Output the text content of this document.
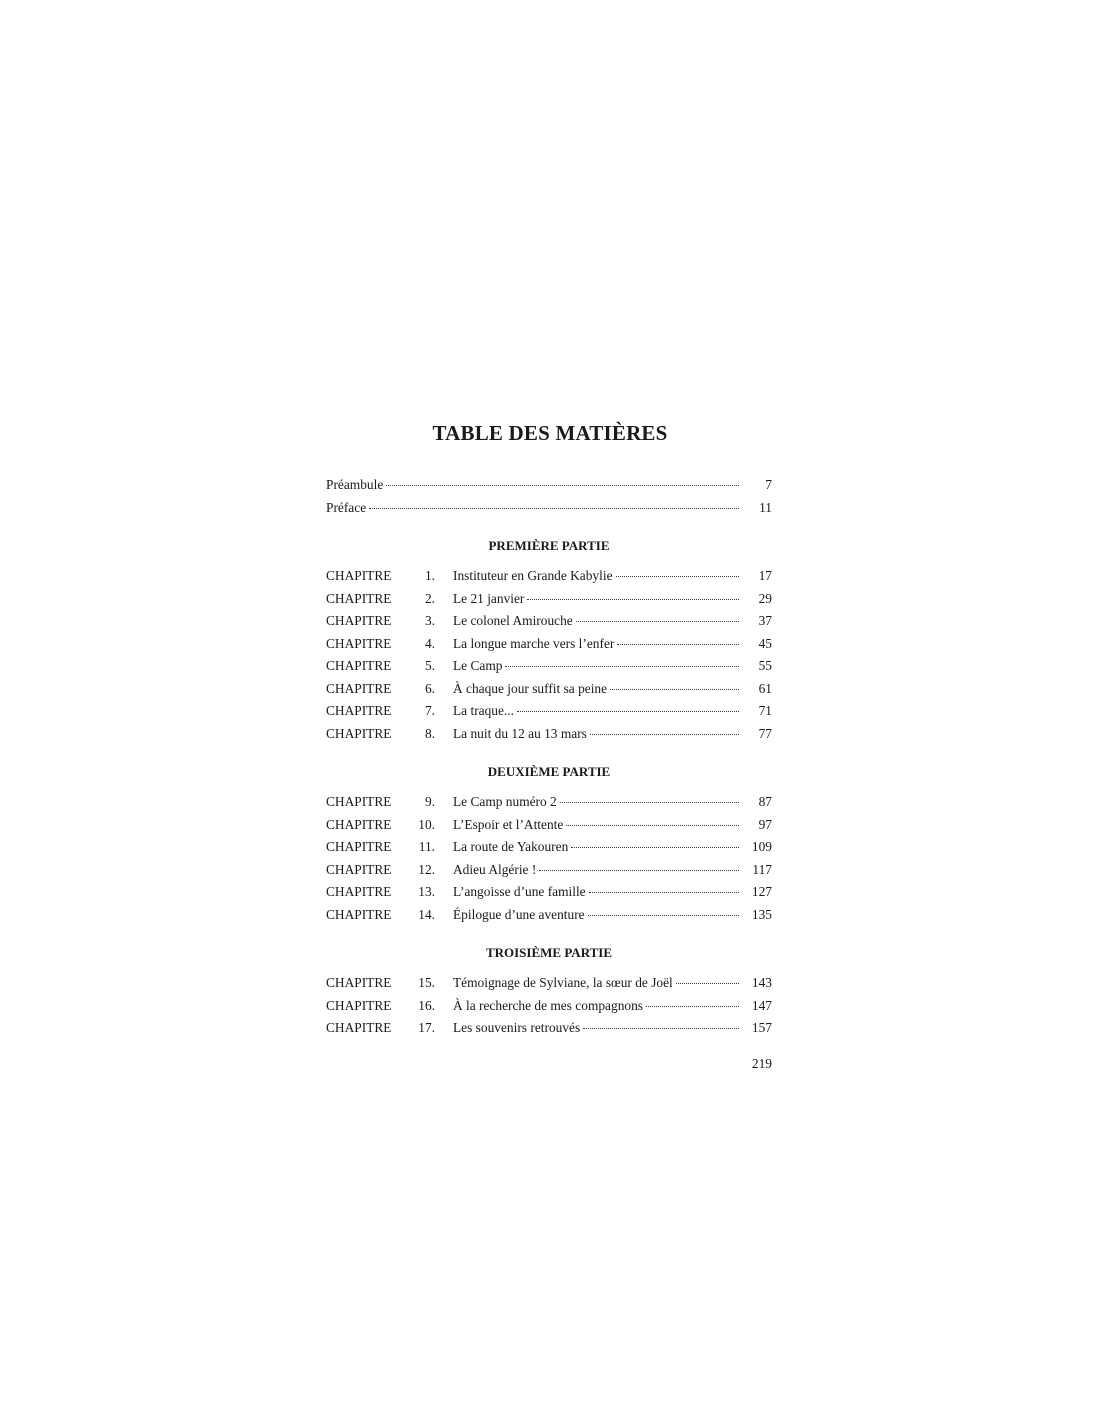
TABLE DES MATIÈRES
Préambule	7
Préface	11
PREMIÈRE PARTIE
CHAPITRE	1. Instituteur en Grande Kabylie	17
CHAPITRE	2. Le 21 janvier	29
CHAPITRE	3. Le colonel Amirouche	37
CHAPITRE	4. La longue marche vers l’enfer	45
CHAPITRE	5. Le Camp	55
CHAPITRE	6. À chaque jour suffit sa peine	61
CHAPITRE	7. La traque...	71
CHAPITRE	8. La nuit du 12 au 13 mars	77
DEUXIÈME PARTIE
CHAPITRE	9. Le Camp numéro 2	87
CHAPITRE	10. L’Espoir et l’Attente	97
CHAPITRE	11. La route de Yakouren	109
CHAPITRE	12. Adieu Algérie !	117
CHAPITRE	13. L’angoisse d’une famille	127
CHAPITRE	14. Épilogue d’une aventure	135
TROISIÈME PARTIE
CHAPITRE	15. Témoignage de Sylviane, la sœur de Joël	143
CHAPITRE	16. À la recherche de mes compagnons	147
CHAPITRE	17. Les souvenirs retrouvés	157
219
